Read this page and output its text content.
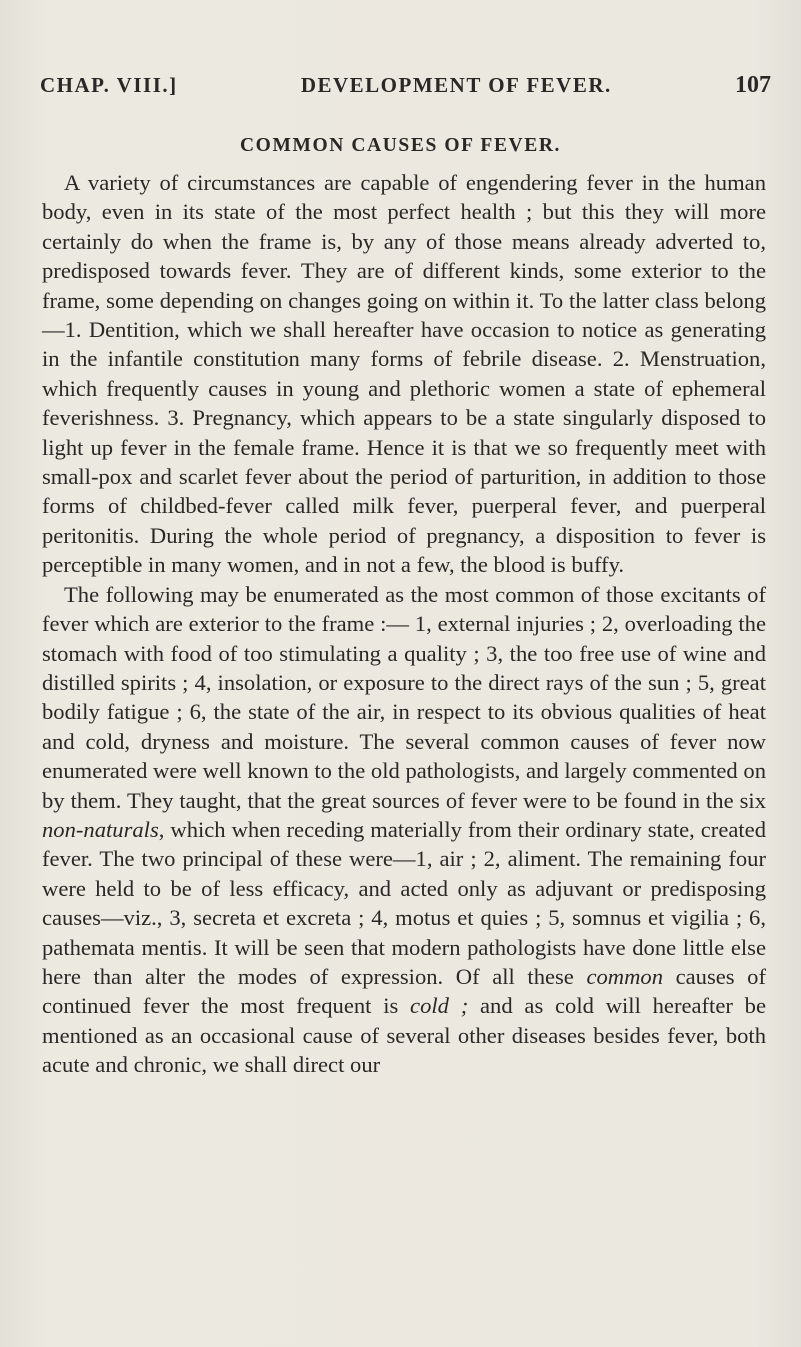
CHAP. VIII.]	DEVELOPMENT OF FEVER.	107
COMMON CAUSES OF FEVER.

A variety of circumstances are capable of engendering fever in the human body, even in its state of the most perfect health ; but this they will more certainly do when the frame is, by any of those means already adverted to, predisposed towards fever. They are of different kinds, some exterior to the frame, some depending on changes going on within it. To the latter class belong—1. Dentition, which we shall hereafter have occasion to notice as generating in the infantile constitution many forms of febrile disease. 2. Menstruation, which frequently causes in young and plethoric women a state of ephemeral feverishness. 3. Pregnancy, which appears to be a state singularly disposed to light up fever in the female frame. Hence it is that we so frequently meet with small-pox and scarlet fever about the period of parturition, in addition to those forms of childbed-fever called milk fever, puerperal fever, and puerperal peritonitis. During the whole period of pregnancy, a disposition to fever is perceptible in many women, and in not a few, the blood is buffy.

The following may be enumerated as the most common of those excitants of fever which are exterior to the frame :— 1, external injuries ; 2, overloading the stomach with food of too stimulating a quality ; 3, the too free use of wine and distilled spirits ; 4, insolation, or exposure to the direct rays of the sun ; 5, great bodily fatigue ; 6, the state of the air, in respect to its obvious qualities of heat and cold, dryness and moisture. The several common causes of fever now enumerated were well known to the old pathologists, and largely commented on by them. They taught, that the great sources of fever were to be found in the six non-naturals, which when receding materially from their ordinary state, created fever. The two principal of these were—1, air ; 2, aliment. The remaining four were held to be of less efficacy, and acted only as adjuvant or predisposing causes—viz., 3, secreta et excreta ; 4, motus et quies ; 5, somnus et vigilia ; 6, pathemata mentis. It will be seen that modern pathologists have done little else here than alter the modes of expression. Of all these common causes of continued fever the most frequent is cold ; and as cold will hereafter be mentioned as an occasional cause of several other diseases besides fever, both acute and chronic, we shall direct our
